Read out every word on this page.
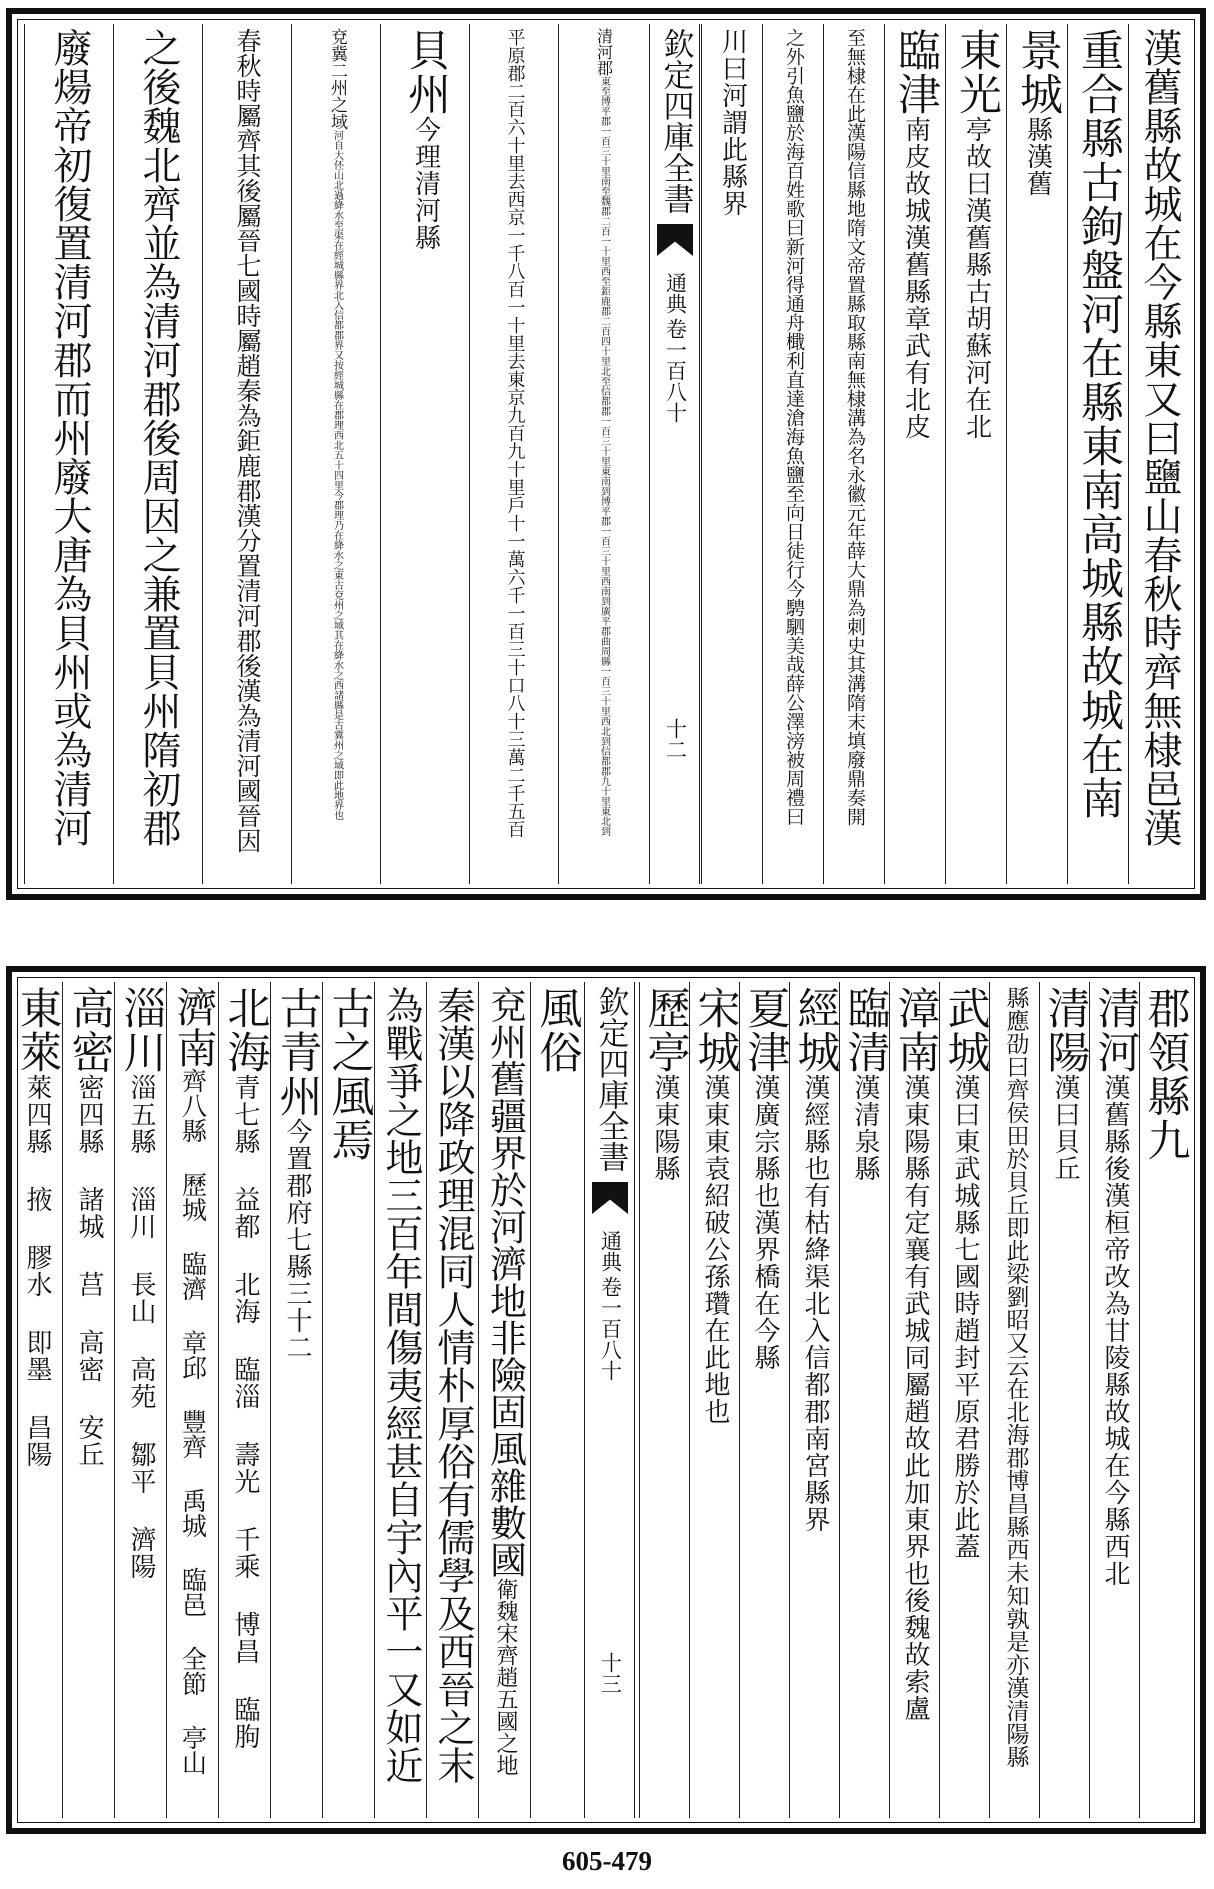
欽定四庫全書
通典
卷一百八十
十二	漢舊縣故城在今縣東又曰鹽山春秋時齊無棣邑漢
重合縣古鉤盤河在縣東南高城縣故城在南
景城
縣漢舊
東光
亭故曰漢舊縣古胡蘇河在北
臨津
南皮故城漢舊縣章武有北皮
至無棣在此漢陽信縣地隋文帝置縣取縣南無棣溝為名永徽元年薛大鼎為刺史其溝隋末填廢鼎奏開
之外引魚鹽於海百姓歌曰新河得通舟檝利直達滄海魚鹽至向日徒行今騁駟美哉薛公澤滂被周禮曰
川曰河謂此縣界
清河郡
東至博平郡一百三十里南至魏郡二百一十里西至鉅鹿郡二百四十里北至信都郡一百三十里東南到博平郡一百三十里西南到廣平郡曲周縣一百三十里西北到信都郡九十里東北到
平原郡二百六十里去西京一千八百一十里去東京九百九十里戶十一萬六千一百三十口八十三萬二千五百
貝州
今理清河縣
兗冀二州之域
河自大伾山北過絳水至渠在經城縣界北入信都郡界又按經城縣在郡理西北五十四里今郡理乃在絳水之東古兗州之域其在絳水之西諸縣是古冀州之域即此地界也
春秋時屬齊其後屬晉七國時屬趙秦為鉅鹿郡漢分置清河郡後漢為清河國晉因
之後魏北齊並為清河郡後周因之兼置貝州隋初郡
廢煬帝初復置清河郡而州廢大唐為貝州或為清河
欽定四庫全書
通典
卷一百八十
十三
郡領縣九
清河
漢舊縣後漢桓帝改為甘陵縣故城在今縣西北
清陽
漢曰貝丘
縣應劭曰齊侯田於貝丘即此梁劉昭又云在北海郡博昌縣西未知孰是亦漢清陽縣
武城
漢曰東武城縣七國時趙封平原君勝於此蓋
漳南
漢東陽縣有定襄有武城同屬趙故此加東界也後魏故索盧
臨清
漢清泉縣
經城
漢經縣也有枯絳渠北入信都郡南宮縣界
夏津
漢廣宗縣也漢界橋在今縣
宋城
漢東東袁紹破公孫瓚在此地也
歷亭
漢東陽縣
風俗
兗州舊疆界於河濟地非險固風雜數國
衛魏宋齊趙五國之地
秦漢以降政理混同人情朴厚俗有儒學及西晉之末
為戰爭之地三百年間傷夷經甚自宇內平一又如近
古之風焉
古青州
今置郡府七縣三十二
北海
青七縣 益都 北海 臨淄 壽光 千乘 博昌 臨朐
濟南
齊八縣 歷城 臨濟 章邱 豐齊 禹城 臨邑 全節 亭山
淄川
淄五縣 淄川 長山 高苑 鄒平 濟陽
高密
密四縣 諸城 莒 高密 安丘
東萊
萊四縣 掖 膠水 即墨 昌陽
605-479
